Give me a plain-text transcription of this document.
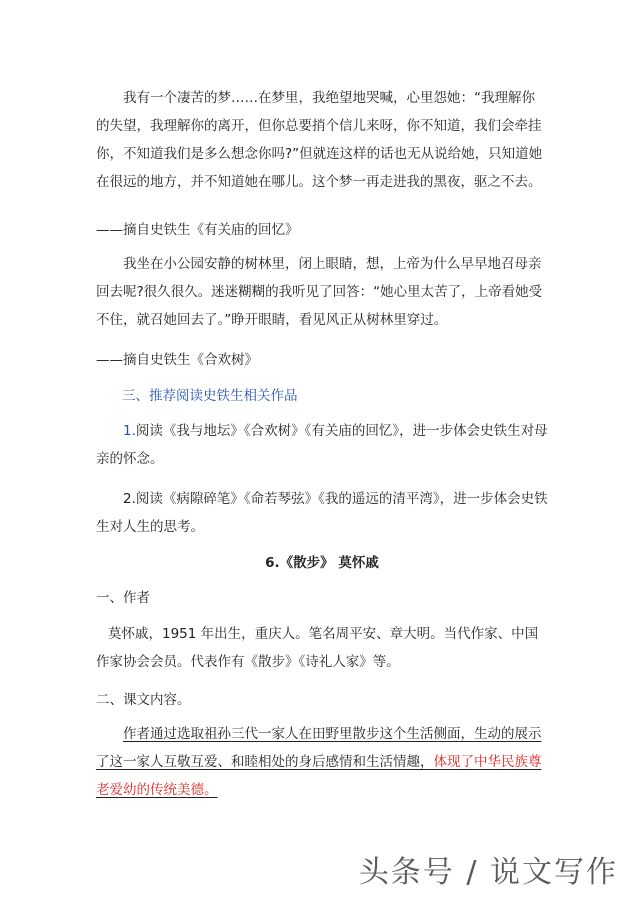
我有一个凄苦的梦……在梦里，我绝望地哭喊，心里怨她：“我理解你的失望，我理解你的离开，但你总要捎个信儿来呀，你不知道，我们会牵挂你，不知道我们是多么想念你吗?”但就连这样的话也无从说给她，只知道她在很远的地方，并不知道她在哪儿。这个梦一再走进我的黑夜，驱之不去。

——摘自史铁生《有关庙的回忆》

我坐在小公园安静的树林里，闭上眼睛，想，上帝为什么早早地召母亲回去呢?很久很久。迷迷糊糊的我听见了回答：“她心里太苦了，上帝看她受不住，就召她回去了。”睁开眼睛，看见风正从树林里穿过。

——摘自史铁生《合欢树》
三、推荐阅读史铁生相关作品

1.阅读《我与地坛》《合欢树》《有关庙的回忆》，进一步体会史铁生对母亲的怀念。

2.阅读《病隙碎笔》《命若琴弦》《我的遥远的清平湾》，进一步体会史铁生对人生的思考。

6.《散步》 莫怀戚
一、作者

莫怀戚，1951 年出生，重庆人。笔名周平安、章大明。当代作家、中国作家协会会员。代表作有《散步》《诗礼人家》等。

二、课文内容。

作者通过选取祖孙三代一家人在田野里散步这个生活侧面，生动的展示了这一家人互敬互爱、和睦相处的身后感情和生活情趣，体现了中华民族尊老爱幼的传统美德。

头条号 / 说文写作
